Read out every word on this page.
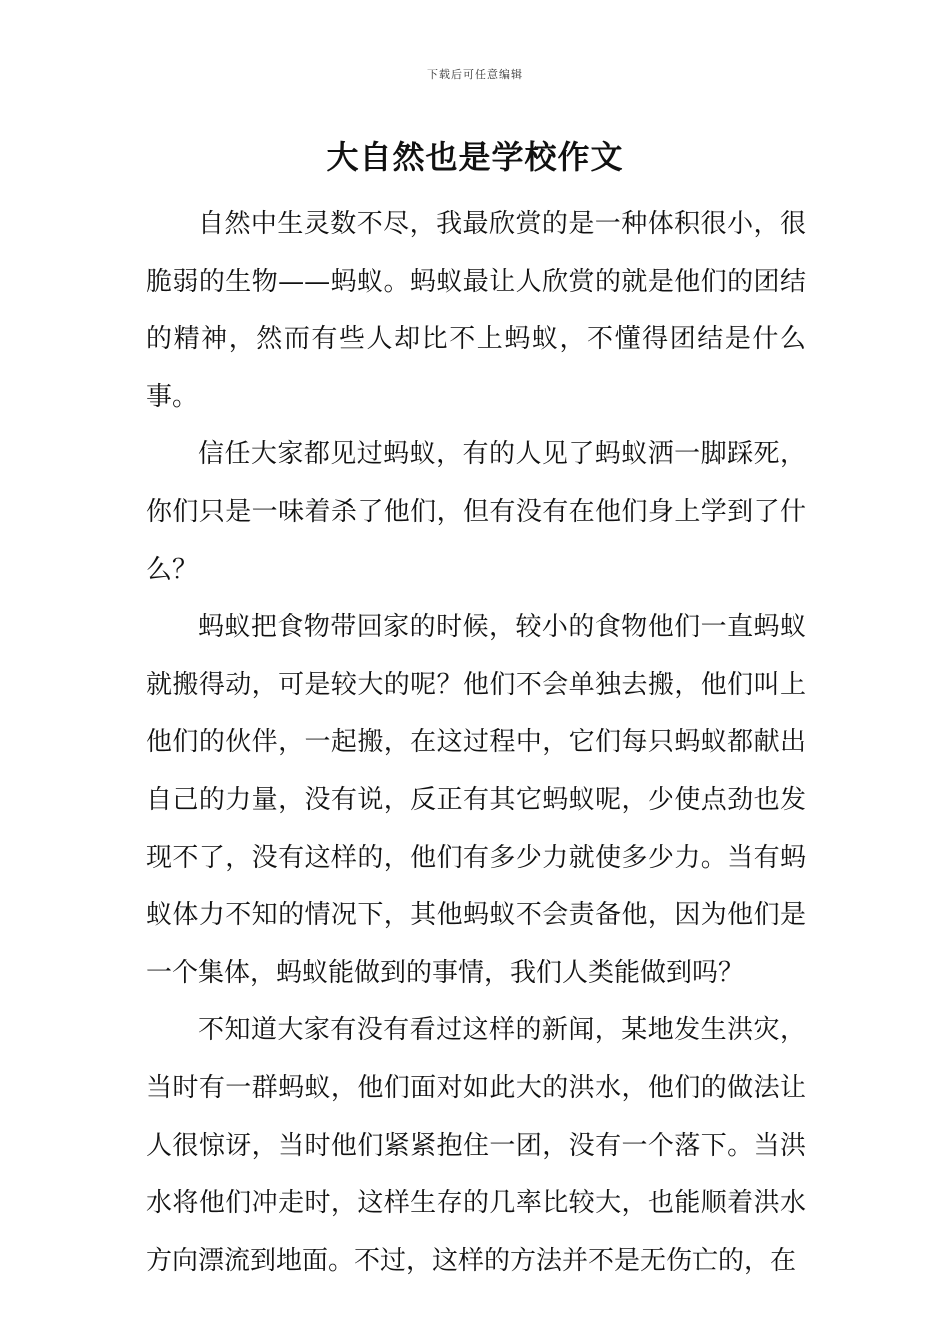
下载后可任意编辑
大自然也是学校作文

自然中生灵数不尽，我最欣赏的是一种体积很小，很脆弱的生物——蚂蚁。蚂蚁最让人欣赏的就是他们的团结的精神，然而有些人却比不上蚂蚁，不懂得团结是什么事。

信任大家都见过蚂蚁，有的人见了蚂蚁洒一脚踩死，你们只是一味着杀了他们，但有没有在他们身上学到了什么？

蚂蚁把食物带回家的时候，较小的食物他们一直蚂蚁就搬得动，可是较大的呢？他们不会单独去搬，他们叫上他们的伙伴，一起搬，在这过程中，它们每只蚂蚁都献出自己的力量，没有说，反正有其它蚂蚁呢，少使点劲也发现不了，没有这样的，他们有多少力就使多少力。当有蚂蚁体力不知的情况下，其他蚂蚁不会责备他，因为他们是一个集体，蚂蚁能做到的事情，我们人类能做到吗？

不知道大家有没有看过这样的新闻，某地发生洪灾，当时有一群蚂蚁，他们面对如此大的洪水，他们的做法让人很惊讶，当时他们紧紧抱住一团，没有一个落下。当洪水将他们冲走时，这样生存的几率比较大，也能顺着洪水方向漂流到地面。不过，这样的方法并不是无伤亡的，在
